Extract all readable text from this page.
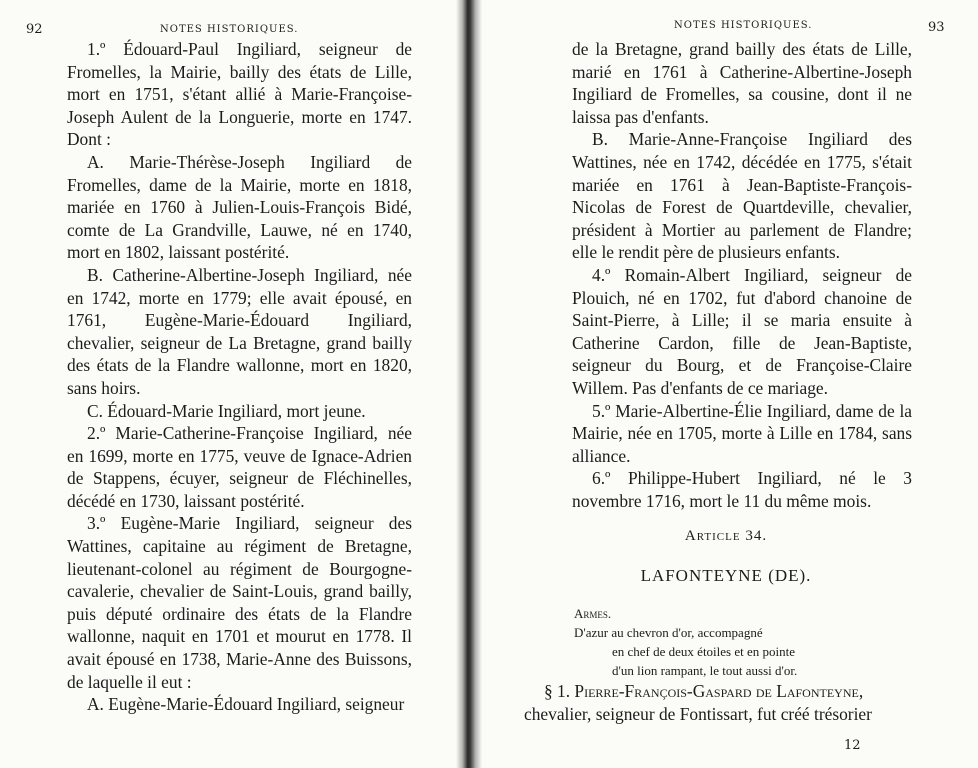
92	NOTES HISTORIQUES.

1.º Édouard-Paul Ingiliard, seigneur de Fromelles, la Mairie, bailly des états de Lille, mort en 1751, s'étant allié à Marie-Françoise-Joseph Aulent de la Longuerie, morte en 1747. Dont :

A. Marie-Thérèse-Joseph Ingiliard de Fromelles, dame de la Mairie, morte en 1818, mariée en 1760 à Julien-Louis-François Bidé, comte de La Grandville, Lauwe, né en 1740, mort en 1802, laissant postérité.

B. Catherine-Albertine-Joseph Ingiliard, née en 1742, morte en 1779; elle avait épousé, en 1761, Eugène-Marie-Édouard Ingiliard, chevalier, seigneur de La Bretagne, grand bailly des états de la Flandre wallonne, mort en 1820, sans hoirs.

C. Édouard-Marie Ingiliard, mort jeune.

2.º Marie-Catherine-Françoise Ingiliard, née en 1699, morte en 1775, veuve de Ignace-Adrien de Stappens, écuyer, seigneur de Fléchinelles, décédé en 1730, laissant postérité.

3.º Eugène-Marie Ingiliard, seigneur des Wattines, capitaine au régiment de Bretagne, lieutenant-colonel au régiment de Bourgogne-cavalerie, chevalier de Saint-Louis, grand bailly, puis député ordinaire des états de la Flandre wallonne, naquit en 1701 et mourut en 1778. Il avait épousé en 1738, Marie-Anne des Buissons, de laquelle il eut :

A. Eugène-Marie-Édouard Ingiliard, seigneur

NOTES HISTORIQUES.	93

de la Bretagne, grand bailly des états de Lille, marié en 1761 à Catherine-Albertine-Joseph Ingiliard de Fromelles, sa cousine, dont il ne laissa pas d'enfants.

B. Marie-Anne-Françoise Ingiliard des Wattines, née en 1742, décédée en 1775, s'était mariée en 1761 à Jean-Baptiste-François-Nicolas de Forest de Quartdeville, chevalier, président à Mortier au parlement de Flandre; elle le rendit père de plusieurs enfants.

4.º Romain-Albert Ingiliard, seigneur de Plouich, né en 1702, fut d'abord chanoine de Saint-Pierre, à Lille; il se maria ensuite à Catherine Cardon, fille de Jean-Baptiste, seigneur du Bourg, et de Françoise-Claire Willem. Pas d'enfants de ce mariage.

5.º Marie-Albertine-Élie Ingiliard, dame de la Mairie, née en 1705, morte à Lille en 1784, sans alliance.

6.º Philippe-Hubert Ingiliard, né le 3 novembre 1716, mort le 11 du même mois.

Article 34.
LAFONTEYNE (DE).
Armes.
D'azur au chevron d'or, accompagné
en chef de deux étoiles et en pointe
d'un lion rampant, le tout aussi d'or.

§ 1. Pierre-François-Gaspard de Lafonteyne,

chevalier, seigneur de Fontissart, fut créé trésorier

12
